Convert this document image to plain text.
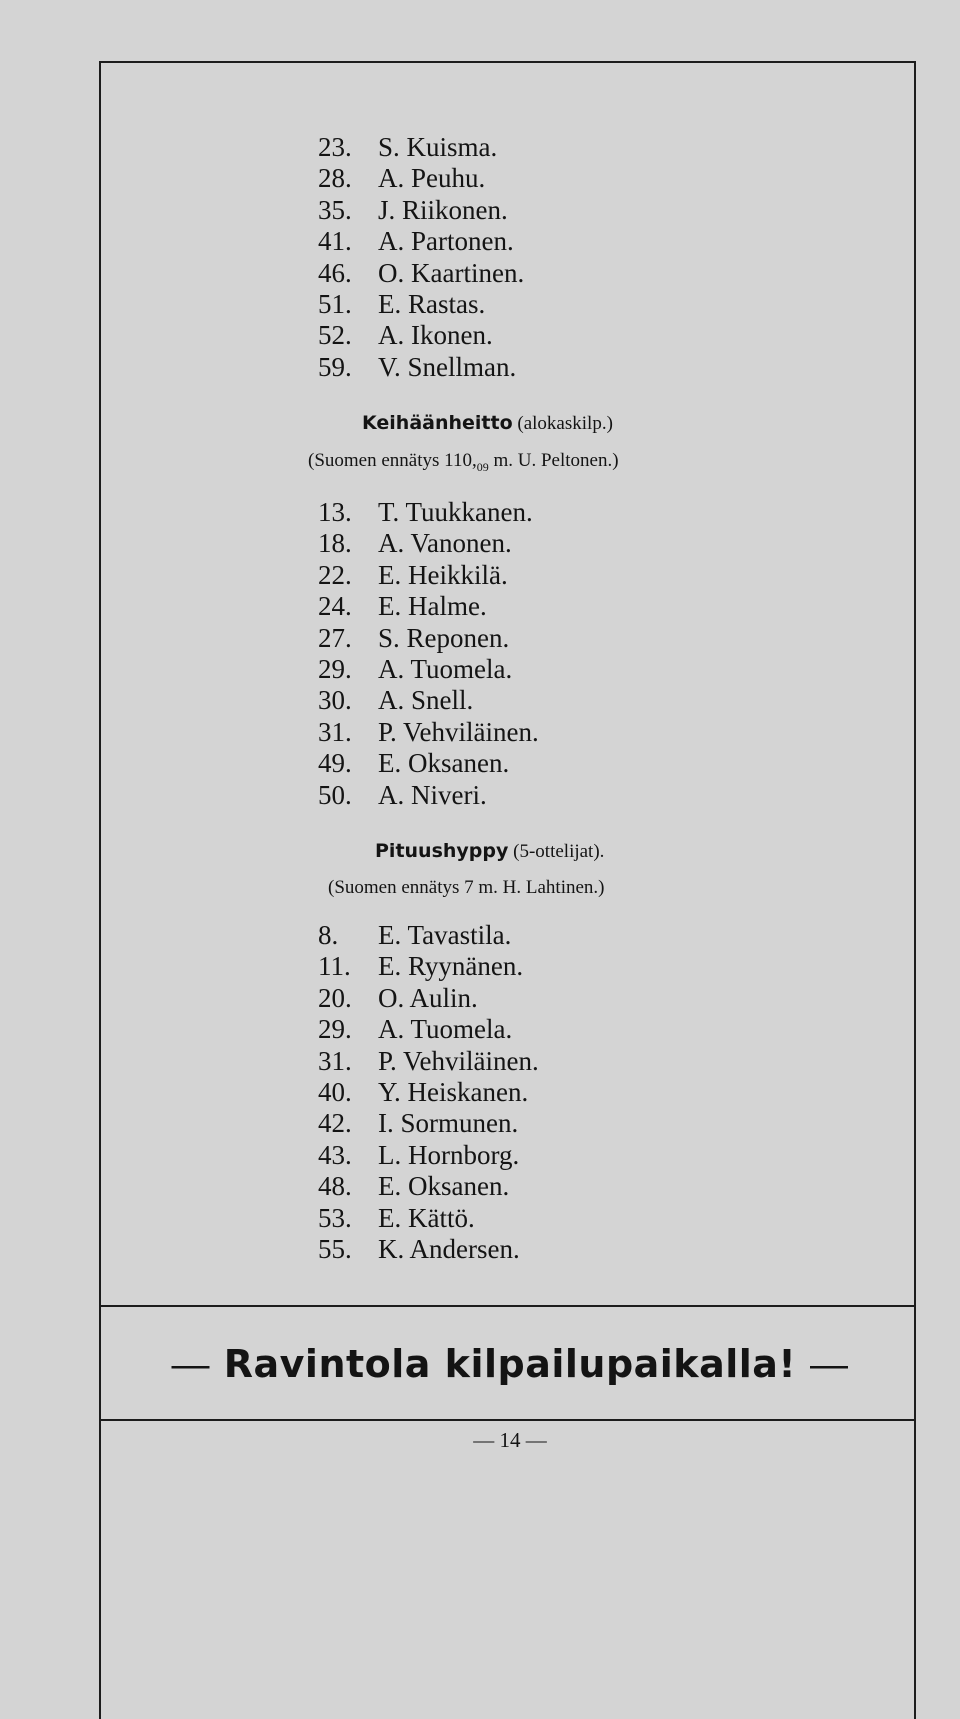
23. S. Kuisma.
28. A. Peuhu.
35. J. Riikonen.
41. A. Partonen.
46. O. Kaartinen.
51. E. Rastas.
52. A. Ikonen.
59. V. Snellman.
Keihäänheitto (alokaskilp.)
(Suomen ennätys $110,_{09}$ m. U. Peltonen.)
13. T. Tuukkanen.
18. A. Vanonen.
22. E. Heikkilä.
24. E. Halme.
27. S. Reponen.
29. A. Tuomela.
30. A. Snell.
31. P. Vehviläinen.
49. E. Oksanen.
50. A. Niveri.
Pituushyppy (5-ottelijat).
(Suomen ennätys 7 m. H. Lahtinen.)
8. E. Tavastila.
11. E. Ryynänen.
20. O. Aulin.
29. A. Tuomela.
31. P. Vehviläinen.
40. Y. Heiskanen.
42. I. Sormunen.
43. L. Hornborg.
48. E. Oksanen.
53. E. Kättö.
55. K. Andersen.
— Ravintola kilpailupaikalla! —
— 14 —
